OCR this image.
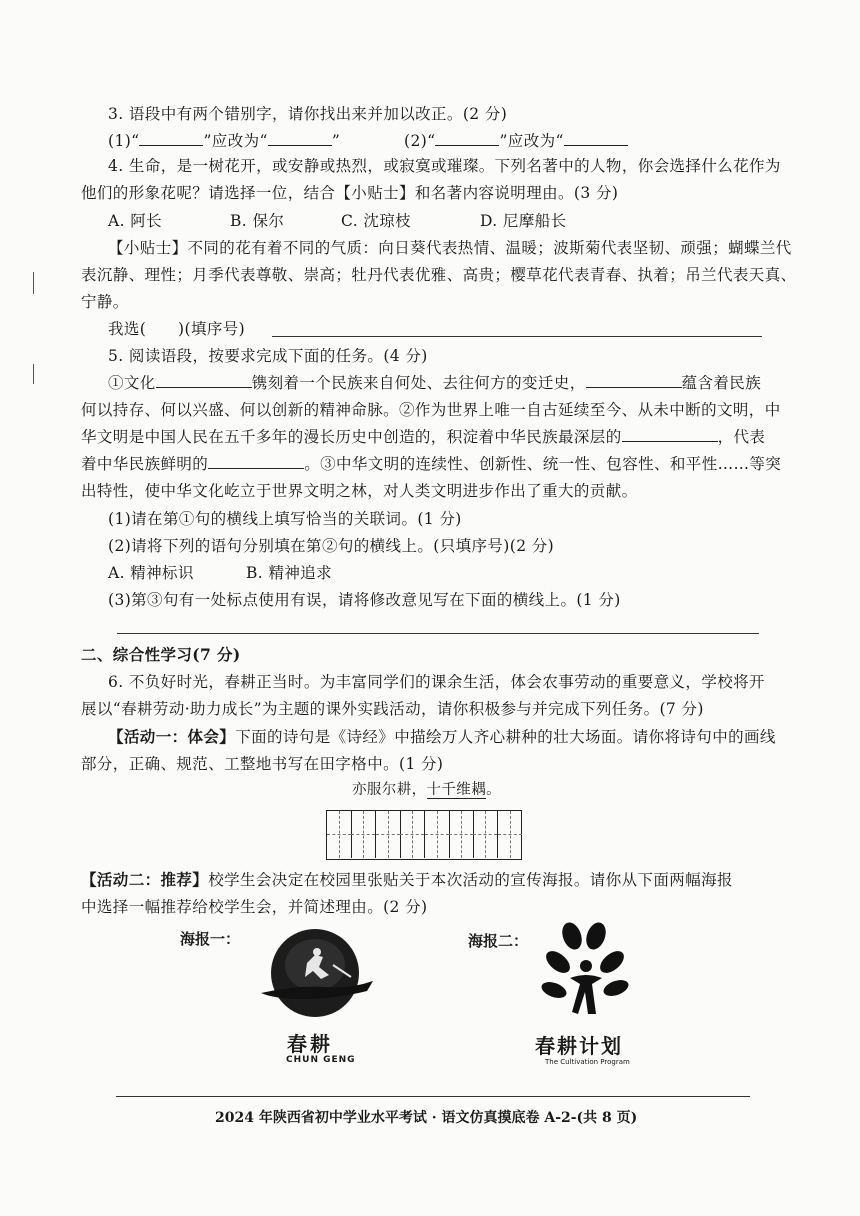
3. 语段中有两个错别字，请你找出来并加以改正。(2 分)
(1)“	”应改为“	”	(2)“	”应改为“
4. 生命，是一树花开，或安静或热烈，或寂寞或璀璨。下列名著中的人物，你会选择什么花作为
他们的形象花呢？请选择一位，结合【小贴士】和名著内容说明理由。(3 分)
A. 阿长	B. 保尔	C. 沈琼枝	D. 尼摩船长
【小贴士】不同的花有着不同的气质：向日葵代表热情、温暖；波斯菊代表坚韧、顽强；蝴蝶兰代
表沉静、理性；月季代表尊敬、崇高；牡丹代表优雅、高贵；樱草花代表青春、执着；吊兰代表天真、
宁静。
我选(　　)(填序号)
5. 阅读语段，按要求完成下面的任务。(4 分)
①文化	镌刻着一个民族来自何处、去往何方的变迁史，	蕴含着民族
何以持存、何以兴盛、何以创新的精神命脉。②作为世界上唯一自古延续至今、从未中断的文明，中
华文明是中国人民在五千多年的漫长历史中创造的，积淀着中华民族最深层的	，代表
着中华民族鲜明的	。③中华文明的连续性、创新性、统一性、包容性、和平性……等突
出特性，使中华文化屹立于世界文明之林，对人类文明进步作出了重大的贡献。
(1)请在第①句的横线上填写恰当的关联词。(1 分)
(2)请将下列的语句分别填在第②句的横线上。(只填序号)(2 分)
A. 精神标识	B. 精神追求
(3)第③句有一处标点使用有误，请将修改意见写在下面的横线上。(1 分)
二、综合性学习(7 分)
6. 不负好时光，春耕正当时。为丰富同学们的课余生活，体会农事劳动的重要意义，学校将开
展以“春耕劳动·助力成长”为主题的课外实践活动，请你积极参与并完成下列任务。(7 分)
【活动一：体会】下面的诗句是《诗经》中描绘万人齐心耕种的壮大场面。请你将诗句中的画线
部分，正确、规范、工整地书写在田字格中。(1 分)
亦服尔耕，十千维耦。
【活动二：推荐】校学生会决定在校园里张贴关于本次活动的宣传海报。请你从下面两幅海报
中选择一幅推荐给校学生会，并简述理由。(2 分)
海报一：
春耕
CHUN GENG
海报二：
春耕计划
The Cultivation Program
2024 年陕西省初中学业水平考试 · 语文仿真摸底卷 A-2-(共 8 页)
